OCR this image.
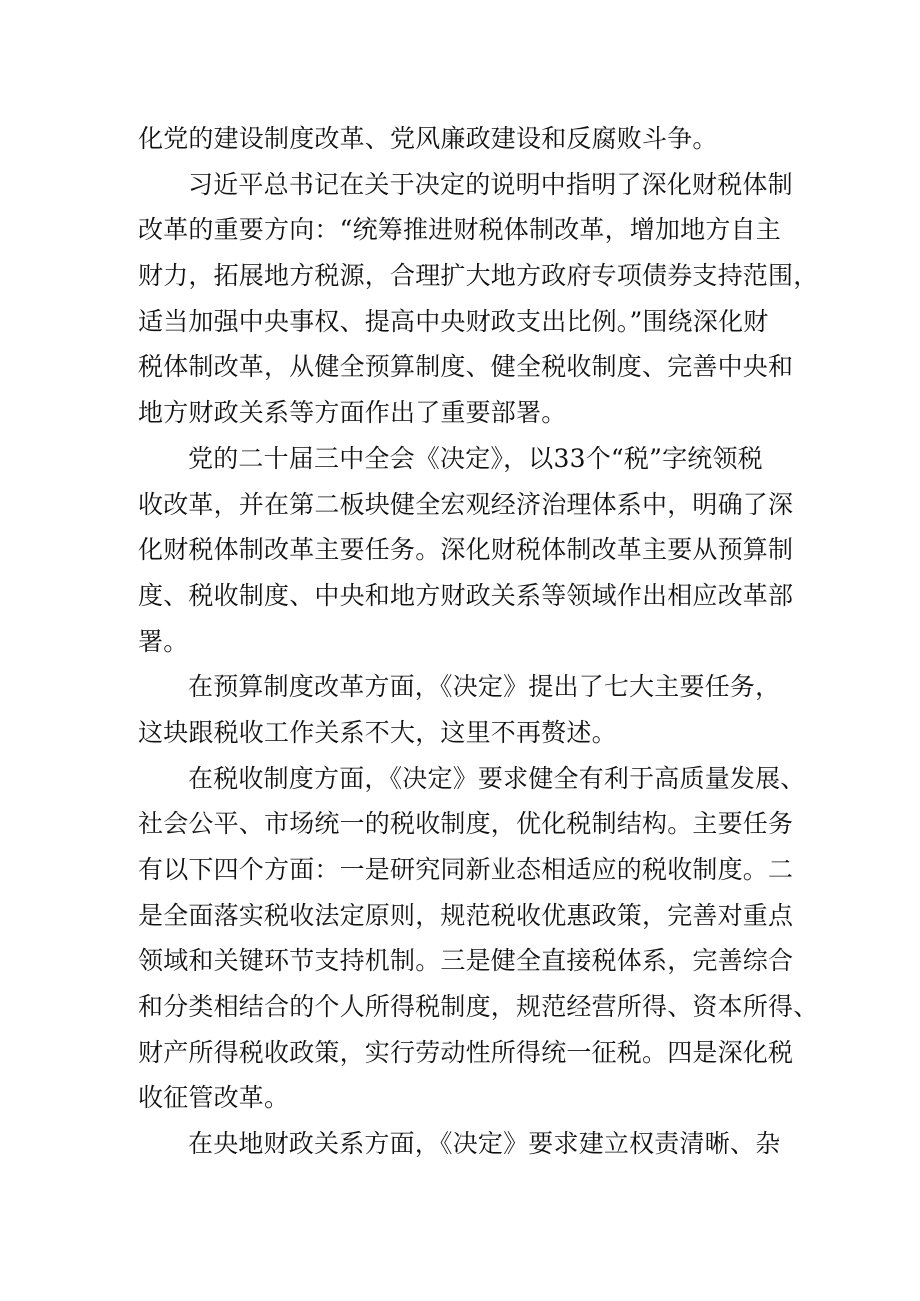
化党的建设制度改革、党风廉政建设和反腐败斗争。
习近平总书记在关于决定的说明中指明了深化财税体制
改革的重要方向：“统筹推进财税体制改革，增加地方自主
财力，拓展地方税源，合理扩大地方政府专项债券支持范围，
适当加强中央事权、提高中央财政支出比例。”围绕深化财
税体制改革，从健全预算制度、健全税收制度、完善中央和
地方财政关系等方面作出了重要部署。
党的二十届三中全会《决定》，以33个“税”字统领税
收改革，并在第二板块健全宏观经济治理体系中，明确了深
化财税体制改革主要任务。深化财税体制改革主要从预算制
度、税收制度、中央和地方财政关系等领域作出相应改革部
署。
在预算制度改革方面，《决定》提出了七大主要任务，
这块跟税收工作关系不大，这里不再赘述。
在税收制度方面，《决定》要求健全有利于高质量发展、
社会公平、市场统一的税收制度，优化税制结构。主要任务
有以下四个方面：一是研究同新业态相适应的税收制度。二
是全面落实税收法定原则，规范税收优惠政策，完善对重点
领域和关键环节支持机制。三是健全直接税体系，完善综合
和分类相结合的个人所得税制度，规范经营所得、资本所得、
财产所得税收政策，实行劳动性所得统一征税。四是深化税
收征管改革。
在央地财政关系方面，《决定》要求建立权责清晰、杂
